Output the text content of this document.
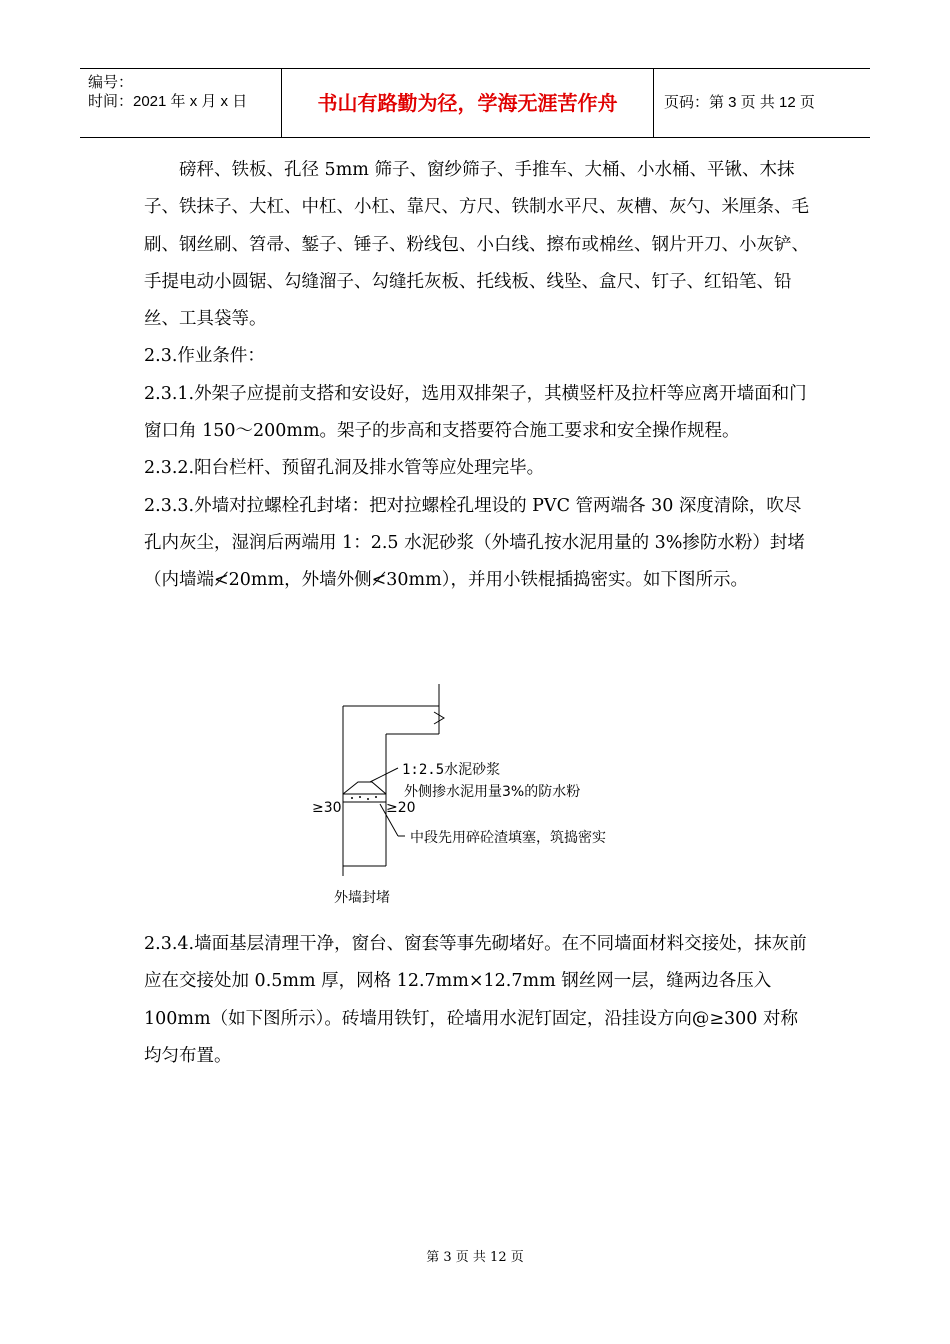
编号：
时间：2021 年 x 月 x 日	书山有路勤为径，学海无涯苦作舟	页码：第 3 页 共 12 页

磅秤、铁板、孔径 5mm 筛子、窗纱筛子、手推车、大桶、小水桶、平锹、木抹子、铁抹子、大杠、中杠、小杠、靠尺、方尺、铁制水平尺、灰槽、灰勺、米厘条、毛刷、钢丝刷、笤帚、錾子、锤子、粉线包、小白线、擦布或棉丝、钢片开刀、小灰铲、手提电动小圆锯、勾缝溜子、勾缝托灰板、托线板、线坠、盒尺、钉子、红铅笔、铅丝、工具袋等。

2.3.作业条件：

2.3.1.外架子应提前支搭和安设好，选用双排架子，其横竖杆及拉杆等应离开墙面和门窗口角 150～200mm。架子的步高和支搭要符合施工要求和安全操作规程。

2.3.2.阳台栏杆、预留孔洞及排水管等应处理完毕。

2.3.3.外墙对拉螺栓孔封堵：把对拉螺栓孔埋设的 PVC 管两端各 30 深度清除，吹尽孔内灰尘，湿润后两端用 1：2.5 水泥砂浆（外墙孔按水泥用量的 3%掺防水粉）封堵（内墙端≮20mm，外墙外侧≮30mm），并用小铁棍插捣密实。如下图所示。

1:2.5水泥砂浆
外侧掺水泥用量3%的防水粉
≥30	≥20
中段先用碎砼渣填塞，筑捣密实
外墙封堵

2.3.4.墙面基层清理干净，窗台、窗套等事先砌堵好。在不同墙面材料交接处，抹灰前应在交接处加 0.5mm 厚，网格 12.7mm×12.7mm 钢丝网一层，缝两边各压入 100mm（如下图所示）。砖墙用铁钉，砼墙用水泥钉固定，沿挂设方向@≥300 对称均匀布置。

第 3 页 共 12 页
